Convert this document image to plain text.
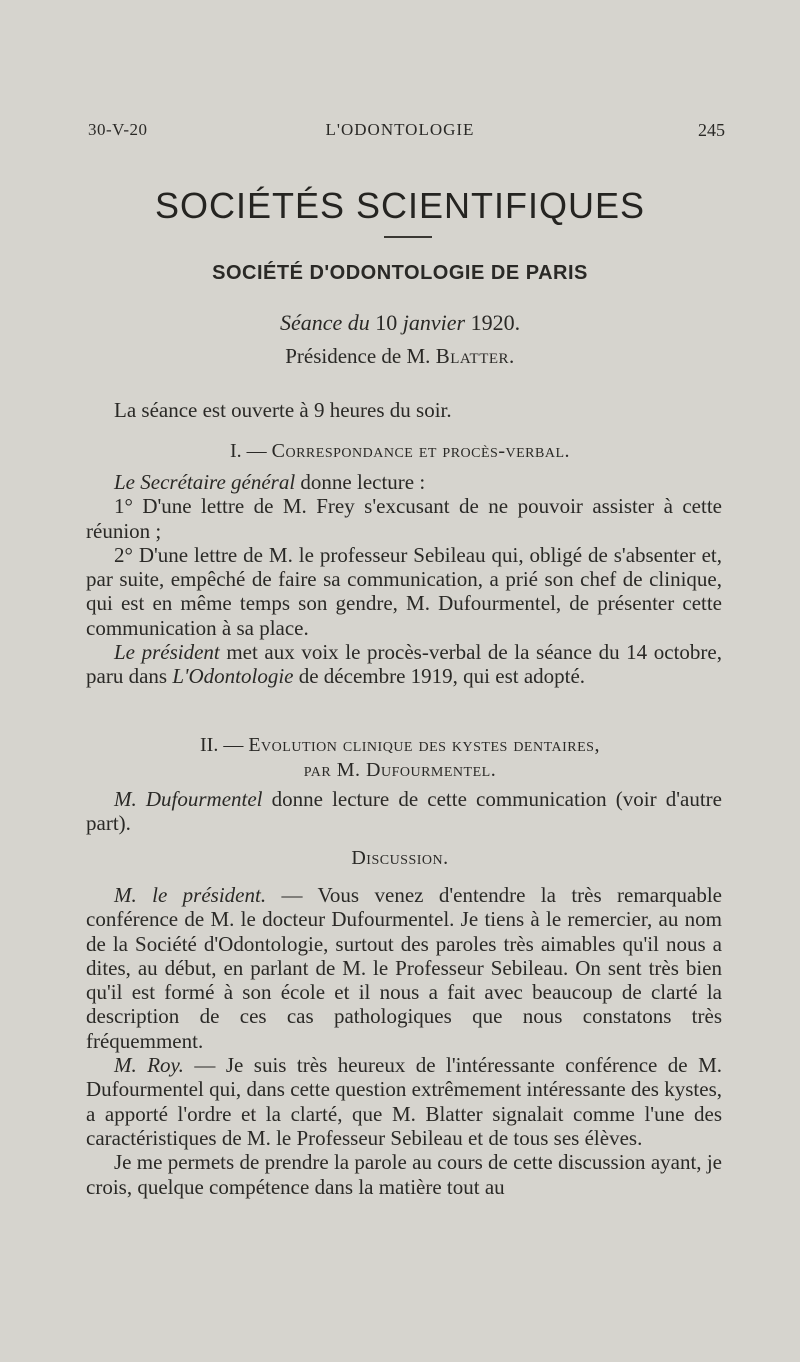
30-V-20	L'ODONTOLOGIE	245
SOCIÉTÉS SCIENTIFIQUES
SOCIÉTÉ D'ODONTOLOGIE DE PARIS
Séance du 10 janvier 1920.
Présidence de M. Blatter.

La séance est ouverte à 9 heures du soir.

I. — Correspondance et procès-verbal.

Le Secrétaire général donne lecture :

1° D'une lettre de M. Frey s'excusant de ne pouvoir assister à cette réunion ;

2° D'une lettre de M. le professeur Sebileau qui, obligé de s'absenter et, par suite, empêché de faire sa communication, a prié son chef de clinique, qui est en même temps son gendre, M. Dufourmentel, de présenter cette communication à sa place.

Le président met aux voix le procès-verbal de la séance du 14 octobre, paru dans L'Odontologie de décembre 1919, qui est adopté.

II. — Evolution clinique des kystes dentaires,
par M. Dufourmentel.

M. Dufourmentel donne lecture de cette communication (voir d'autre part).

Discussion.

M. le président. — Vous venez d'entendre la très remarquable conférence de M. le docteur Dufourmentel. Je tiens à le remercier, au nom de la Société d'Odontologie, surtout des paroles très aimables qu'il nous a dites, au début, en parlant de M. le Professeur Sebileau. On sent très bien qu'il est formé à son école et il nous a fait avec beaucoup de clarté la description de ces cas pathologiques que nous constatons très fréquemment.

M. Roy. — Je suis très heureux de l'intéressante conférence de M. Dufourmentel qui, dans cette question extrêmement intéressante des kystes, a apporté l'ordre et la clarté, que M. Blatter signalait comme l'une des caractéristiques de M. le Professeur Sebileau et de tous ses élèves.

Je me permets de prendre la parole au cours de cette discussion ayant, je crois, quelque compétence dans la matière tout au
